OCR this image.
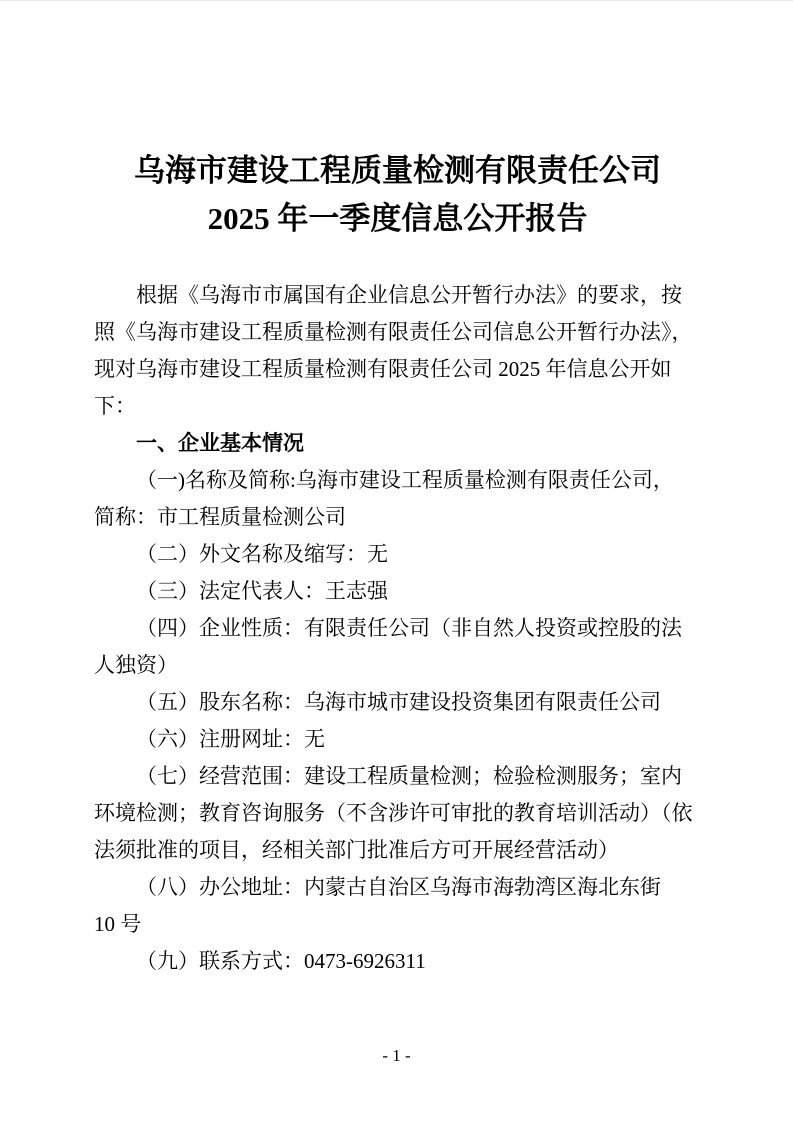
乌海市建设工程质量检测有限责任公司
2025 年一季度信息公开报告
根据《乌海市市属国有企业信息公开暂行办法》的要求，按
照《乌海市建设工程质量检测有限责任公司信息公开暂行办法》，
现对乌海市建设工程质量检测有限责任公司 2025 年信息公开如
下：
一、企业基本情况
（一)名称及简称:乌海市建设工程质量检测有限责任公司，
简称：市工程质量检测公司
（二）外文名称及缩写：无
（三）法定代表人：王志强
（四）企业性质：有限责任公司（非自然人投资或控股的法
人独资）
（五）股东名称：乌海市城市建设投资集团有限责任公司
（六）注册网址：无
（七）经营范围：建设工程质量检测；检验检测服务；室内
环境检测；教育咨询服务（不含涉许可审批的教育培训活动）（依
法须批准的项目，经相关部门批准后方可开展经营活动）
（八）办公地址：内蒙古自治区乌海市海勃湾区海北东街
10 号
（九）联系方式：0473-6926311
- 1 -
